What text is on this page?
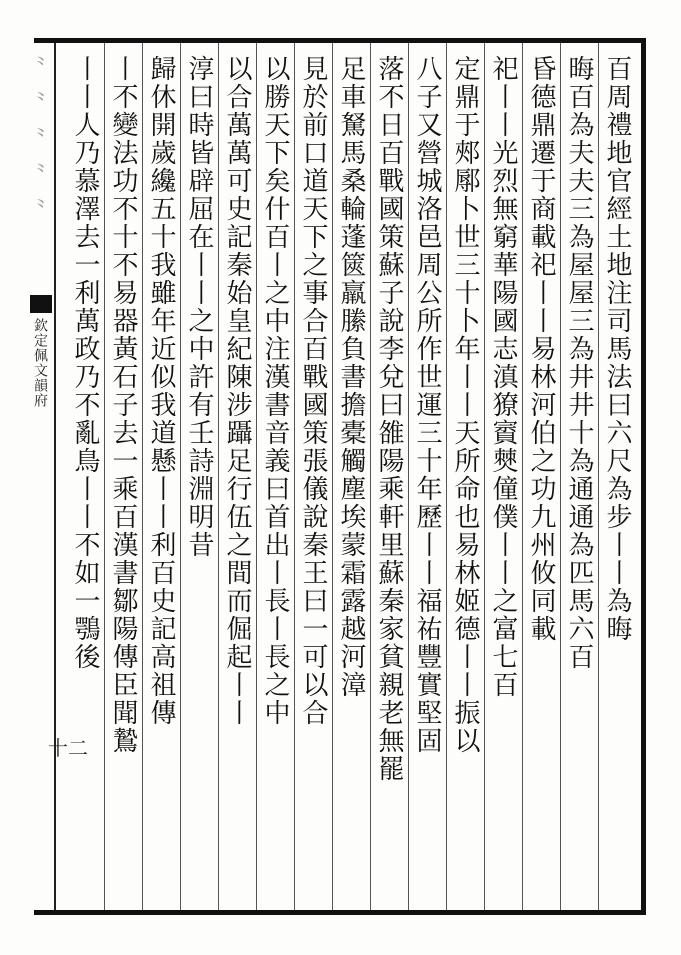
⺀ ⺀ ⺀ ⺀ ⺀
欽定佩文韻府
十二
百周禮地官經土地注司馬法曰六尺為步丨丨為晦
晦百為夫夫三為屋屋三為井井十為通通為匹馬六百
昏德鼎遷于商載祀丨丨易林河伯之功九州攸同載
祀丨丨光烈無窮華陽國志滇獠賨僰僮僕丨丨之富七百
定鼎于郟鄏卜世三十卜年丨丨天所命也易林姬德丨丨振以
八子又營城洛邑周公所作世運三十年歷丨丨福祐豐實堅固
落不日百戰國策蘇子說李兌曰雒陽乘軒里蘇秦家貧親老無罷
足車駑馬桑輪蓬篋羸縢負書擔橐觸塵埃蒙霜露越河漳
見於前口道天下之事合百戰國策張儀說秦王曰一可以合
以勝天下矣什百丨之中注漢書音義曰首出丨長丨長之中
以合萬萬可史記秦始皇紀陳涉躡足行伍之間而倔起丨丨
淳曰時皆辟屈在丨丨之中許有壬詩淵明昔
歸休開歲纔五十我雖年近似我道懸丨丨利百史記高祖傳
丨不變法功不十不易器黃石子去一乘百漢書鄒陽傳臣聞鷙
丨丨人乃慕澤去一利萬政乃不亂鳥丨丨不如一鶚後
